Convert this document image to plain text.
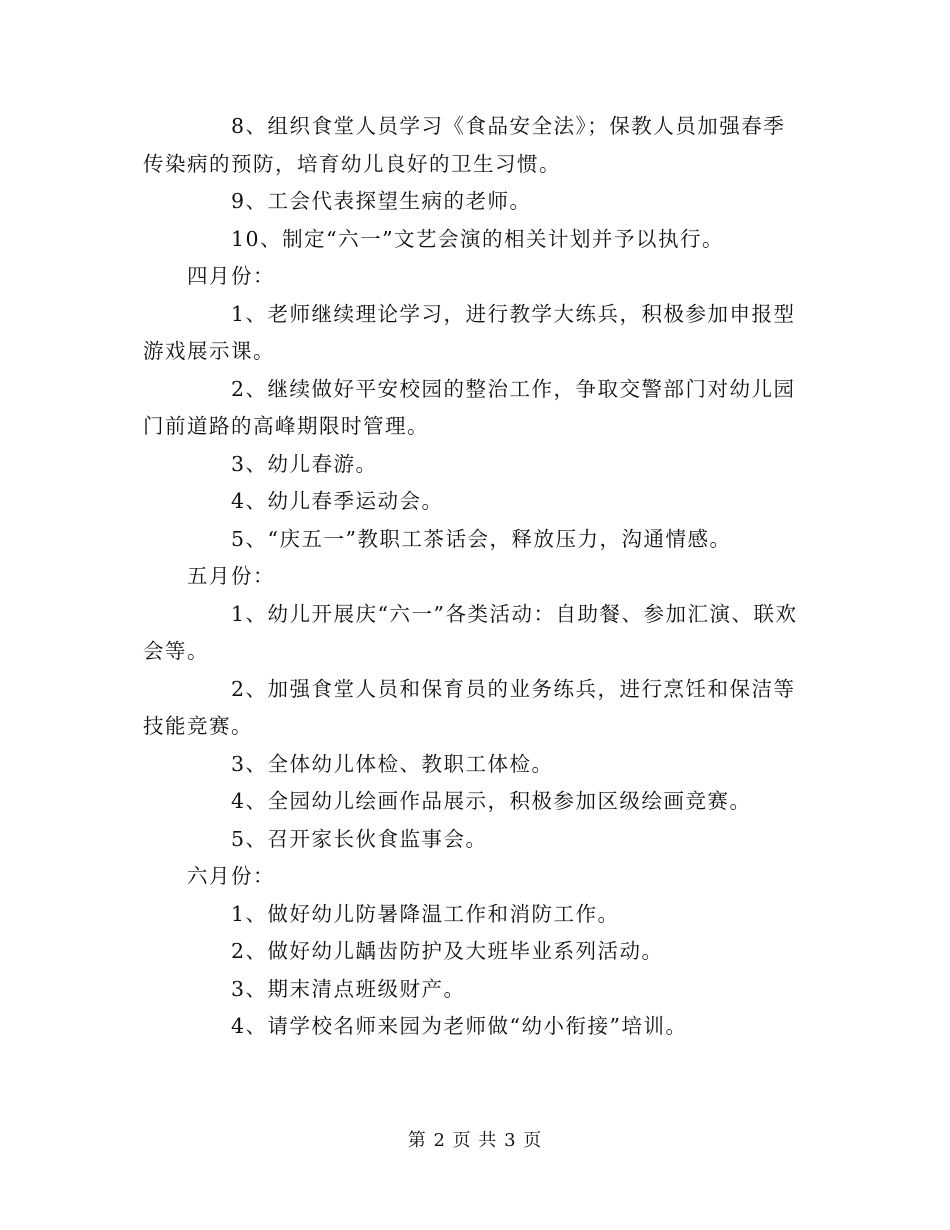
8、组织食堂人员学习《食品安全法》；保教人员加强春季传染病的预防，培育幼儿良好的卫生习惯。

9、工会代表探望生病的老师。

10、制定“六一”文艺会演的相关计划并予以执行。

四月份：

1、老师继续理论学习，进行教学大练兵，积极参加申报型游戏展示课。

2、继续做好平安校园的整治工作，争取交警部门对幼儿园门前道路的高峰期限时管理。

3、幼儿春游。

4、幼儿春季运动会。

5、“庆五一”教职工茶话会，释放压力，沟通情感。

五月份：

1、幼儿开展庆“六一”各类活动：自助餐、参加汇演、联欢会等。

2、加强食堂人员和保育员的业务练兵，进行烹饪和保洁等技能竞赛。

3、全体幼儿体检、教职工体检。

4、全园幼儿绘画作品展示，积极参加区级绘画竞赛。

5、召开家长伙食监事会。

六月份：

1、做好幼儿防暑降温工作和消防工作。

2、做好幼儿龋齿防护及大班毕业系列活动。

3、期末清点班级财产。

4、请学校名师来园为老师做“幼小衔接”培训。

第 2 页 共 3 页
